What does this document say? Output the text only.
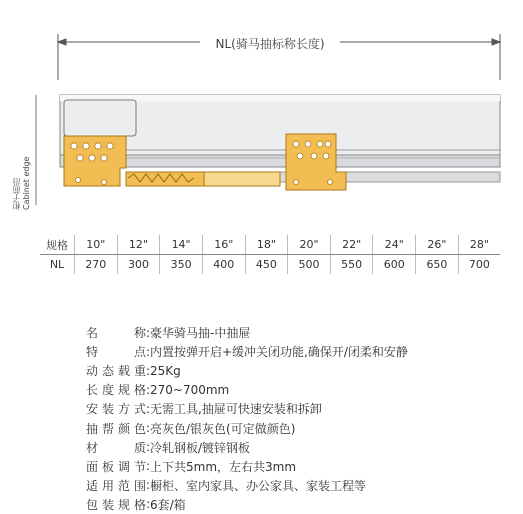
NL(骑马抽标称长度)
柜子前沿
Cabinet edge
规格	10"	12"	14"	16"	18"	20"	22"	24"	26"	28"
NL	270	300	350	400	450	500	550	600	650	700
名称 : 豪华骑马抽-中抽屉
特点 : 内置按弹开启+缓冲关闭功能,确保开/闭柔和安静
动态载重 : 25Kg
长度规格 : 270~700mm
安装方式 : 无需工具,抽屉可快速安装和拆卸
抽帮颜色 : 亮灰色/银灰色(可定做颜色)
材质 : 冷轧钢板/镀锌钢板
面板调节 : 上下共5mm，左右共3mm
适用范围 : 橱柜、室内家具、办公家具、家装工程等
包装规格 : 6套/箱
